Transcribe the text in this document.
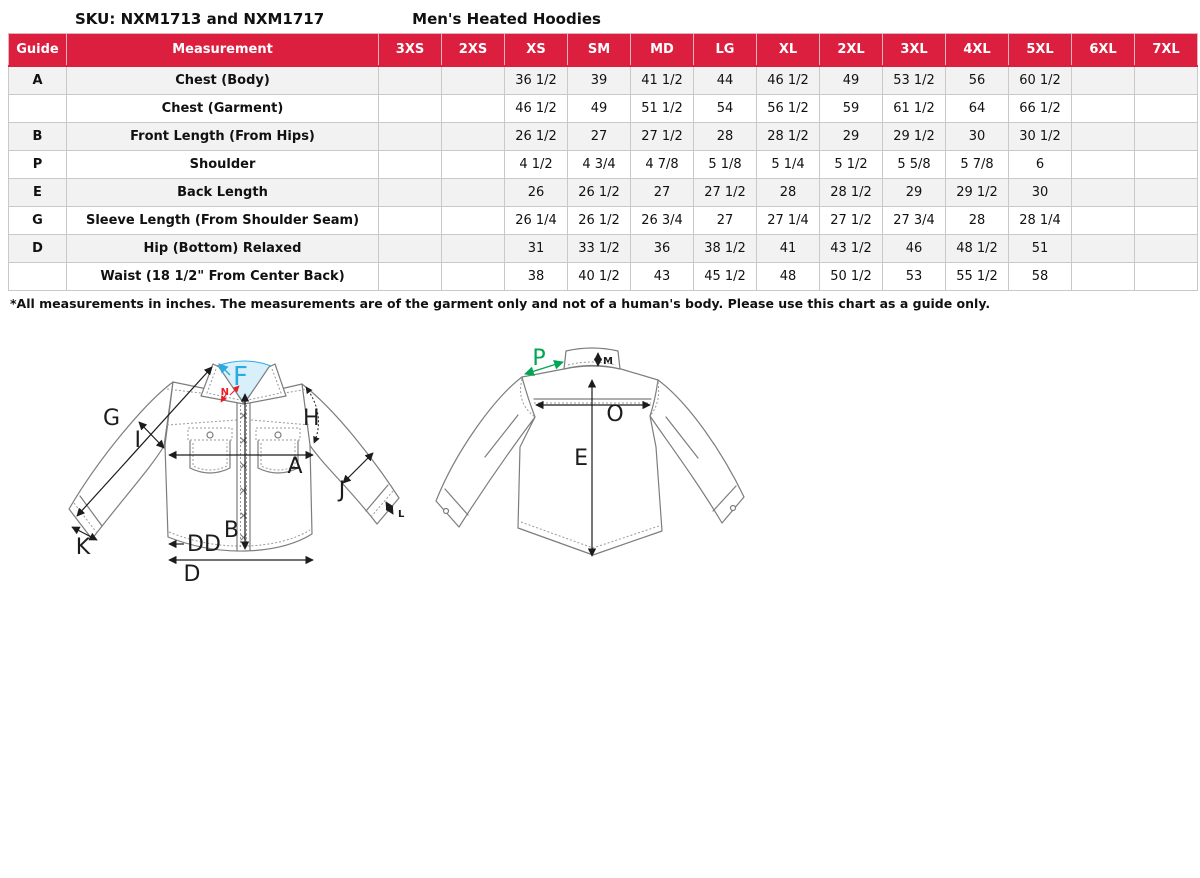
SKU: NXM1713 and NXM1717	Men's Heated Hoodies
Guide	Measurement	3XS	2XS	XS	SM	MD	LG	XL	2XL	3XL	4XL	5XL	6XL	7XL
A	Chest (Body)			36 1/2	39	41 1/2	44	46 1/2	49	53 1/2	56	60 1/2		
	Chest (Garment)			46 1/2	49	51 1/2	54	56 1/2	59	61 1/2	64	66 1/2		
B	Front Length (From Hips)			26 1/2	27	27 1/2	28	28 1/2	29	29 1/2	30	30 1/2		
P	Shoulder			4 1/2	4 3/4	4 7/8	5 1/8	5 1/4	5 1/2	5 5/8	5 7/8	6		
E	Back Length			26	26 1/2	27	27 1/2	28	28 1/2	29	29 1/2	30		
G	Sleeve Length (From Shoulder Seam)			26 1/4	26 1/2	26 3/4	27	27 1/4	27 1/2	27 3/4	28	28 1/4		
D	Hip (Bottom) Relaxed			31	33 1/2	36	38 1/2	41	43 1/2	46	48 1/2	51		
	Waist (18 1/2" From Center Back)			38	40 1/2	43	45 1/2	48	50 1/2	53	55 1/2	58		
*All measurements in inches. The measurements are of the garment only and not of a human's body. Please use this chart as a guide only.
G
I
H
A
J
B
K	DD
D
L
F
N
P	M
O
E
